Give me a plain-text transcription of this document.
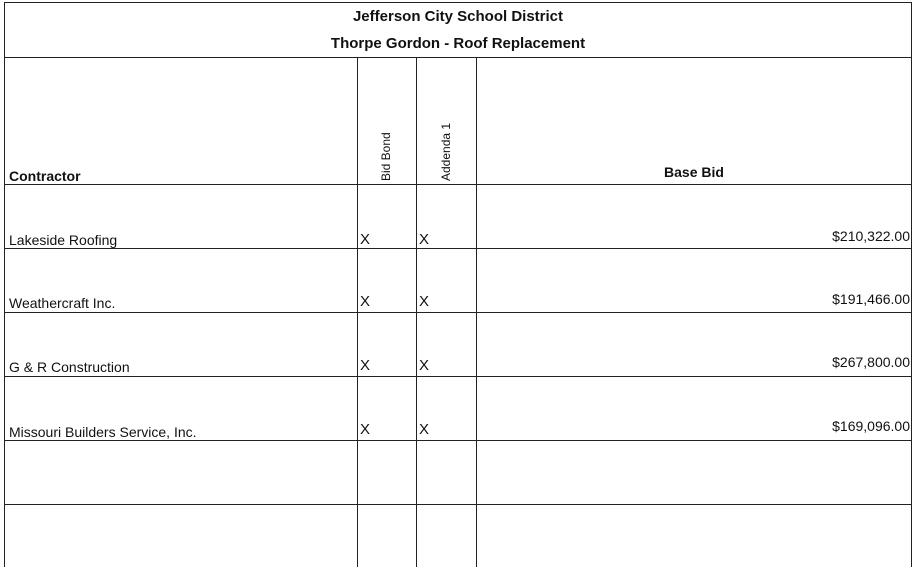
Jefferson City School District
Thorpe Gordon - Roof Replacement
Contractor	Bid Bond	Addenda 1	Base Bid
Lakeside Roofing	X	X	$210,322.00
Weathercraft Inc.	X	X	$191,466.00
G & R Construction	X	X	$267,800.00
Missouri Builders Service, Inc.	X	X	$169,096.00
